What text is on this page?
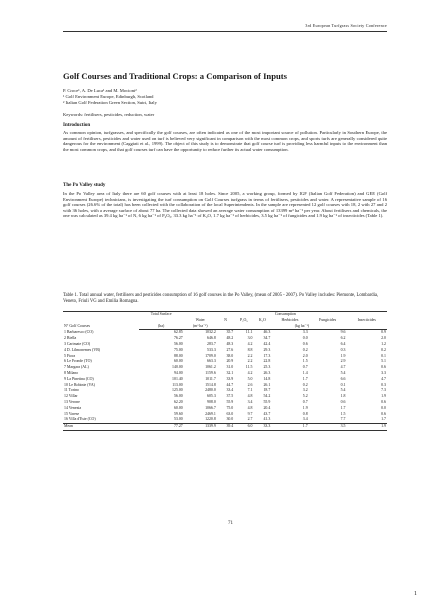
3rd European Turfgrass Society Conference
Golf Courses and Traditional Crops: a Comparison of Inputs
P. Croce¹, A. De Luca¹ and M. Mocioni²
¹ Golf Environment Europe, Edinburgh, Scotland
² Italian Golf Federation Green Section, Sutri, Italy
Keywords: fertilisers, pesticides, reduction, water
Introduction
As common opinion, turfgrasses, and specifically the golf courses, are often indicated as one of the most important source of pollution. Particularly in Southern Europe, the amount of fertilisers, pesticides and water used on turf is believed very significant in comparison with the most common crops, and sports turfs are generally considered quite dangerous for the environment (Caggiati et al., 1999). The object of this study is to demonstrate that golf course turf is providing less harmful inputs to the environment than the most common crops, and that golf courses turf can have the opportunity to reduce further its actual water consumption.
The Po Valley study
In the Po Valley area of Italy there are 60 golf courses with at least 18 holes. Since 2005, a working group, formed by IGF (Italian Golf Federation) and GEE (Golf Environment Europe) technicians, is investigating the turf consumption on Golf Courses turfgrass in terms of fertilisers, pesticides and water. A representative sample of 16 golf courses (26.6% of the total) has been collected with the collaboration of the local Superintendents. In the sample are represented 12 golf courses with 18, 2 with 27 and 2 with 36 holes, with a average surface of about 77 ha. The collected data showed an average water consumption of 13399 m³ ha⁻¹ per year. About fertilisers and chemicals, the one was calculated as 39.4 kg ha⁻¹ of N, 6 kg ha⁻¹ of P₂O₅, 33.3 kg ha⁻¹ of K₂O, 1.7 kg ha⁻¹ of herbicides, 3.5 kg ha⁻¹ of fungicides and 1.9 kg ha⁻¹ of insecticides (Table 1).
Table 1. Total annual water, fertilisers and pesticides consumption of 16 golf courses in the Po Valley, (mean of 2005 - 2007). Po Valley includes: Piemonte, Lombardia, Veneto, Friuli VG and Emilia Romagna.
N° Golf Courses	Total Surface	Consumption						
		Water	N	P₂O₅	K₂O	Herbicides	Fungicides	Insecticides
	(ha)	(m³ ha⁻¹)	(kg ha⁻¹)					
1 Barbaresco (CO)	62.85	1032.2	35.7	11.1	46.3	3.3	9.6	0.9
2 Biella	76.27	646.8	48.2	3.0	34.7	0.0	6.2	2.0
3 Carimate (CO)	56.00	283.7	48.3	4.2	42.4	0.6	6.4	1.2
4 D. Lilmonemes (VB)	75.00	533.3	27.6	8.8	29.3	0.2	0.3	0.2
5 Fiora	88.00	1709.0	38.0	2.2	17.3	2.0	1.9	0.1
6 Le Fronde (TO)	60.00	663.3	20.9	2.2	22.8	1.5	2.9	5.1
7 Margara (AL)	140.00	1061.2	31.0	11.5	25.3	0.7	4.7	0.6
8 Milano	94.00	1159.6	32.1	4.2	26.3	1.4	5.4	3.3
9 La Pinetina (CO)	101.40	1011.7	33.9	5.0	14.8	1.7	6.6	4.7
10 Le Robinie (VA)	113.00	1514.8	44.7	2.6	26.1	0.2	0.1	0.3
11 Torino	125.00	2480.0	33.4	7.1	18.7	3.2	5.4	7.3
12 Villar	56.00	605.3	37.5	4.8	54.2	5.2	1.8	1.9
13 Verone	62.20	908.0	55.9	3.4	55.9	0.7	0.6	0.6
14 Venezia	60.00	1066.7	75.0	4.8	20.4	1.9	1.7	0.0
15 Varese	59.60	2469.1	63.0	9.7	43.7	0.8	1.5	0.6
16 Villa d'Este (CO)	53.00	1220.8	30.0	2.7	41.3	3.4	7.7	1.7
Mean	77.27	1339.9	39.4	6.0	33.3	1.7	3.5	1.9
71
1
